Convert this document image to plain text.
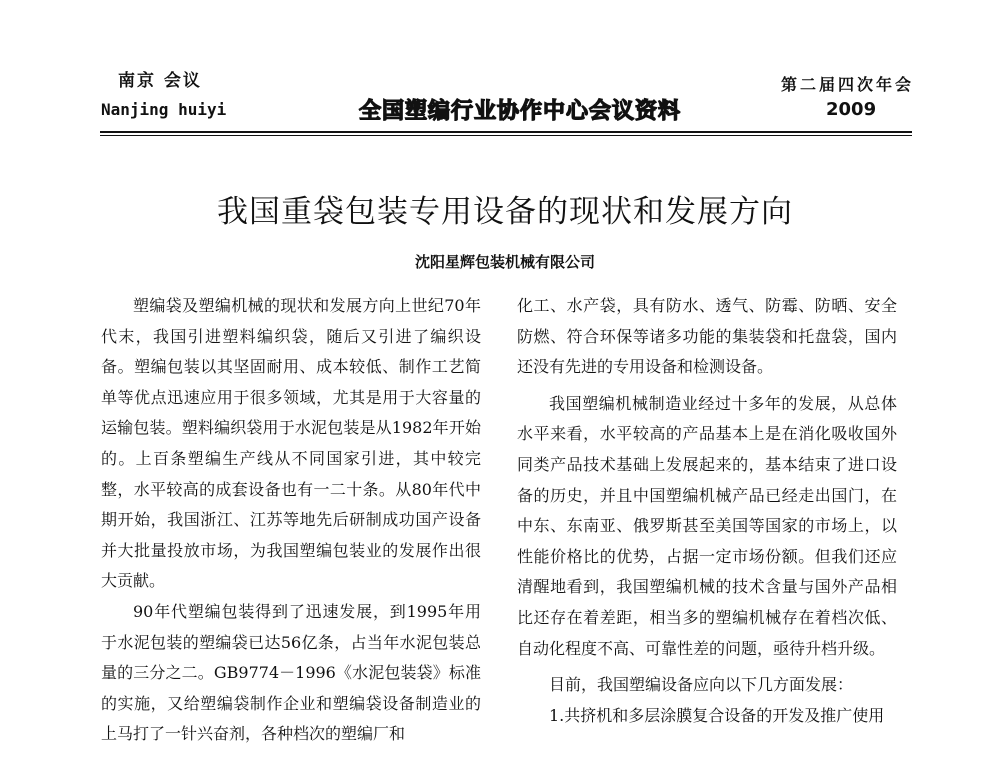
南京 会议
Nanjing huiyi	全国塑编行业协作中心会议资料
第二届四次年会
2009
我国重袋包装专用设备的现状和发展方向
沈阳星辉包装机械有限公司

塑编袋及塑编机械的现状和发展方向上世纪70年代末，我国引进塑料编织袋，随后又引进了编织设备。塑编包装以其坚固耐用、成本较低、制作工艺简单等优点迅速应用于很多领域，尤其是用于大容量的运输包装。塑料编织袋用于水泥包装是从1982年开始的。上百条塑编生产线从不同国家引进，其中较完整，水平较高的成套设备也有一二十条。从80年代中期开始，我国浙江、江苏等地先后研制成功国产设备并大批量投放市场，为我国塑编包装业的发展作出很大贡献。

90年代塑编包装得到了迅速发展，到1995年用于水泥包装的塑编袋已达56亿条，占当年水泥包装总量的三分之二。GB9774－1996《水泥包装袋》标准的实施，又给塑编袋制作企业和塑编袋设备制造业的上马打了一针兴奋剂，各种档次的塑编厂和

化工、水产袋，具有防水、透气、防霉、防晒、安全防燃、符合环保等诸多功能的集装袋和托盘袋，国内还没有先进的专用设备和检测设备。

我国塑编机械制造业经过十多年的发展，从总体水平来看，水平较高的产品基本上是在消化吸收国外同类产品技术基础上发展起来的，基本结束了进口设备的历史，并且中国塑编机械产品已经走出国门，在中东、东南亚、俄罗斯甚至美国等国家的市场上，以性能价格比的优势，占据一定市场份额。但我们还应清醒地看到，我国塑编机械的技术含量与国外产品相比还存在着差距，相当多的塑编机械存在着档次低、自动化程度不高、可靠性差的问题，亟待升档升级。

目前，我国塑编设备应向以下几方面发展：

1.共挤机和多层涂膜复合设备的开发及推广使用
